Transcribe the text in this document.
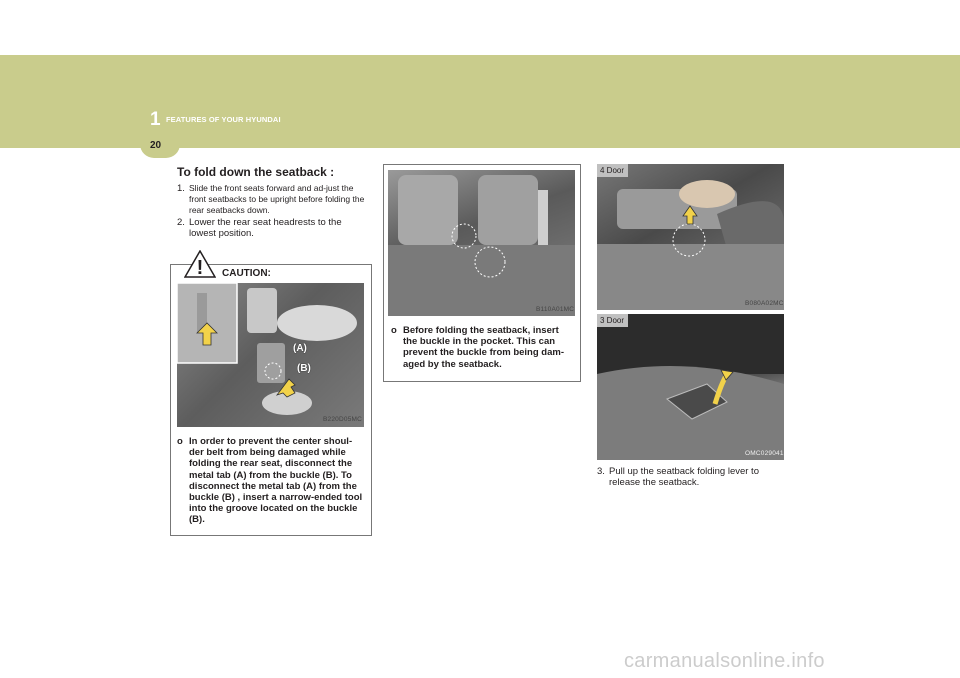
1 FEATURES OF YOUR HYUNDAI
20
To fold down the seatback :
1. Slide the front seats forward and ad-just the front seatbacks to be upright before folding the rear seatbacks down.
2. Lower the rear seat headrests to the lowest position.
! CAUTION:
(A)
(B)
B220D05MC
o In order to prevent the center shoul-der belt from being damaged while folding the rear seat, disconnect the metal tab (A) from the buckle (B). To disconnect the metal tab (A) from the buckle (B) , insert a narrow-ended tool into the groove located on the buckle (B).
B110A01MC
o Before folding the seatback, insert the buckle in the pocket. This can prevent the buckle from being dam-aged by the seatback.
4 Door
B080A02MC
3 Door
OMC029041
3. Pull up the seatback folding lever to release the seatback.
carmanualsonline.info
